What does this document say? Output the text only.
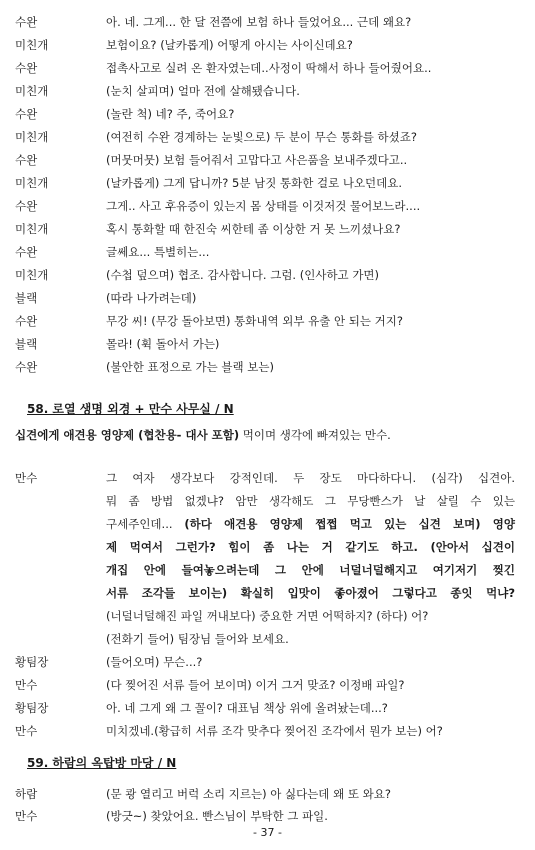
수완	아. 네. 그게... 한 달 전쯤에 보험 하나 들었어요... 근데 왜요?
미친개	보험이요? (날카롭게) 어떻게 아시는 사이신데요?
수완	접촉사고로 실려 온 환자였는데..사정이 딱해서 하나 들어줬어요..
미친개	(눈치 살피며) 얼마 전에 살해됐습니다.
수완	(놀란 척) 네? 주, 죽어요?
미친개	(여전히 수완 경계하는 눈빛으로) 두 분이 무슨 통화를 하셨죠?
수완	(머뭇머뭇) 보험 들어줘서 고맙다고 사은품을 보내주겠다고..
미친개	(날카롭게) 그게 답니까? 5분 남짓 통화한 걸로 나오던데요.
수완	그게.. 사고 후유증이 있는지 몸 상태를 이것저것 물어보느라....
미친개	혹시 통화할 때 한진숙 씨한테 좀 이상한 거 못 느끼셨나요?
수완	글쎄요... 특별히는...
미친개	(수첩 덮으며) 협조. 감사합니다. 그럼. (인사하고 가면)
블랙	(따라 나가려는데)
수완	무강 씨! (무강 돌아보면) 통화내역 외부 유출 안 되는 거지?
블랙	몰라! (휙 돌아서 가는)
수완	(불안한 표정으로 가는 블랙 보는)
58. 로열 생명 외경 + 만수 사무실 / N
십견에게 애견용 영양제 (협찬용- 대사 포함) 먹이며 생각에 빠져있는 만수.
만수	그 여자 생각보다 강적인데. 두 장도 마다하다니. (심각) 십견아.
뭐 좀 방법 없겠냐? 암만 생각해도 그 무당빤스가 날 살릴 수 있는
구세주인데... (하다 애견용 영양제 쩝쩝 먹고 있는 십견 보며) 영양
제 먹여서 그런가? 힘이 좀 나는 거 같기도 하고. (안아서 십견이
개집 안에 들여놓으려는데 그 안에 너덜너덜해지고 여기저기 찢긴
서류 조각들 보이는) 확실히 입맛이 좋아졌어 그렇다고 종잇 먹냐?
(너덜너덜해진 파일 꺼내보다) 중요한 거면 어떡하지? (하다) 어?
(전화기 들어) 팀장님 들어와 보세요.
황팀장	(들어오며) 무슨...?
만수	(다 찢어진 서류 들어 보이며) 이거 그거 맞죠? 이정배 파일?
황팀장	아. 네 그게 왜 그 꼴이? 대표님 책상 위에 올려놨는데...?
만수	미치겠네.(황급히 서류 조각 맞추다 찢어진 조각에서 뭔가 보는) 어?
59. 하람의 옥탑방 마당 / N
하람	(문 쾅 열리고 버럭 소리 지르는) 아 싫다는데 왜 또 와요?
만수	(방긋~) 찾았어요. 빤스님이 부탁한 그 파일.
- 37 -
